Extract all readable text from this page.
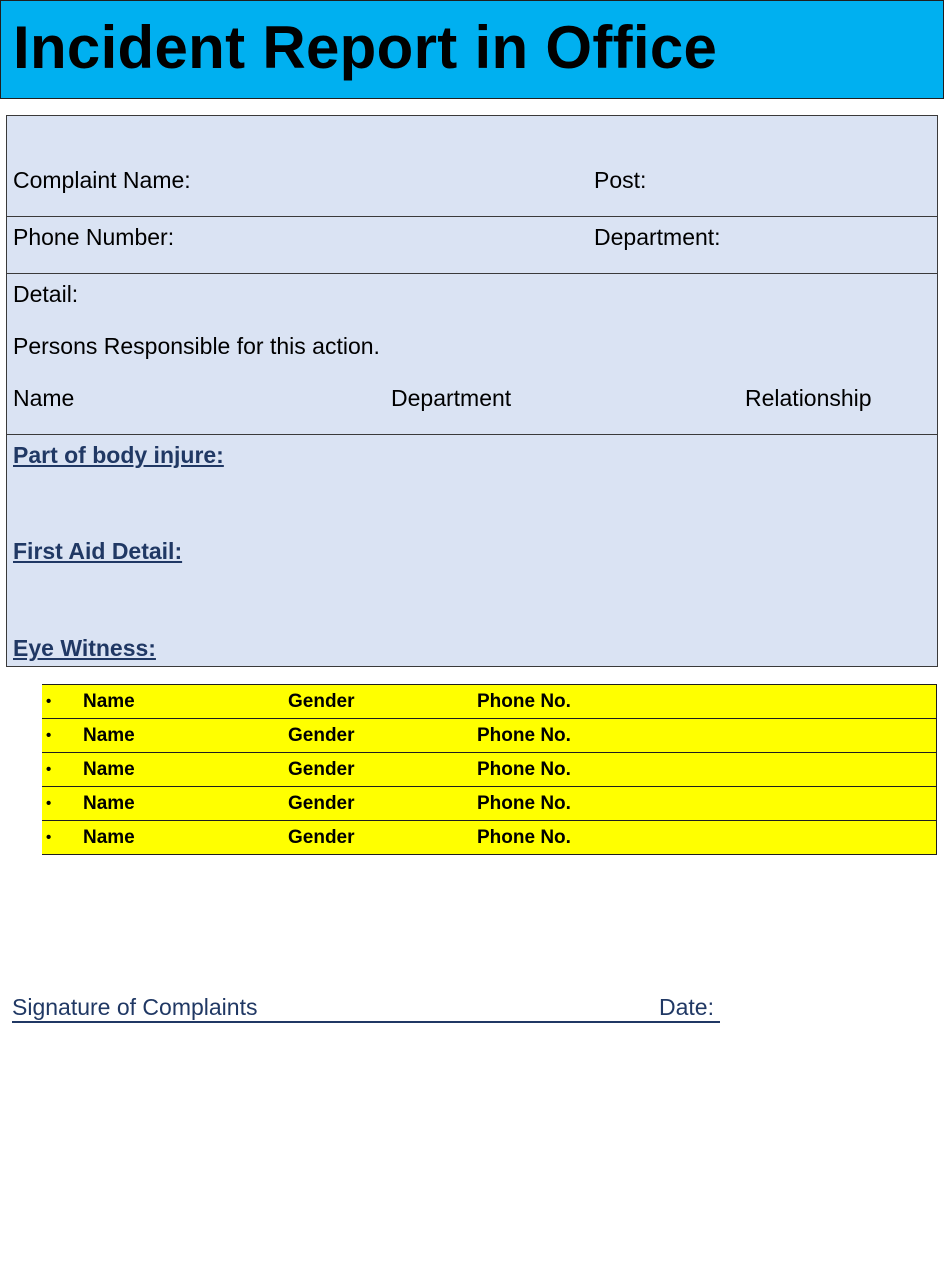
Incident Report in Office
Complaint Name:	Post:
Phone Number:	Department:
Detail:
Persons Responsible for this action.
Name	Department	Relationship
Part of body injure:
First Aid Detail:
Eye Witness:
• Name	Gender	Phone No.
• Name	Gender	Phone No.
• Name	Gender	Phone No.
• Name	Gender	Phone No.
• Name	Gender	Phone No.
Signature of Complaints	Date:
